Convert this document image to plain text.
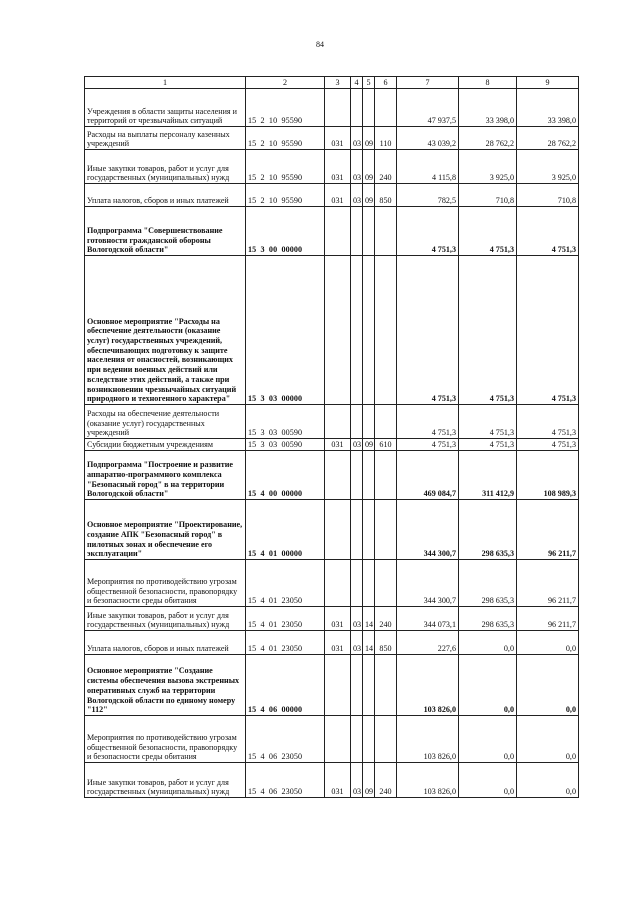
84
1	2	3	4	5	6	7	8	9
Учреждения в области защиты населения и территорий от чрезвычайных ситуаций	15  2  10  95590					47 937,5	33 398,0	33 398,0
Расходы на выплаты персоналу казенных учреждений	15  2  10  95590	031	03	09	110	43 039,2	28 762,2	28 762,2
Иные закупки товаров, работ и услуг для государственных (муниципальных) нужд	15  2  10  95590	031	03	09	240	4 115,8	3 925,0	3 925,0
Уплата налогов, сборов и иных платежей	15  2  10  95590	031	03	09	850	782,5	710,8	710,8
Подпрограмма "Совершенствование готовности гражданской обороны Вологодской области"	15  3  00  00000					4 751,3	4 751,3	4 751,3
Основное мероприятие "Расходы на обеспечение деятельности (оказание услуг) государственных учреждений, обеспечивающих подготовку к защите населения от опасностей, возникающих при ведении военных действий или вследствие этих действий, а также при возникновении чрезвычайных ситуаций природного и техногенного характера"	15  3  03  00000					4 751,3	4 751,3	4 751,3
Расходы на обеспечение деятельности (оказание услуг) государственных учреждений	15  3  03  00590					4 751,3	4 751,3	4 751,3
Субсидии бюджетным учреждениям	15  3  03  00590	031	03	09	610	4 751,3	4 751,3	4 751,3
Подпрограмма "Построение и развитие аппаратно-программного комплекса "Безопасный город" в на территории Вологодской области"	15  4  00  00000					469 084,7	311 412,9	108 989,3
Основное мероприятие "Проектирование, создание АПК "Безопасный город" в пилотных зонах и обеспечение его эксплуатации"	15  4  01  00000					344 300,7	298 635,3	96 211,7
Мероприятия по противодействию угрозам общественной безопасности, правопорядку и безопасности среды обитания	15  4  01  23050					344 300,7	298 635,3	96 211,7
Иные закупки товаров, работ и услуг для государственных (муниципальных) нужд	15  4  01  23050	031	03	14	240	344 073,1	298 635,3	96 211,7
Уплата налогов, сборов и иных платежей	15  4  01  23050	031	03	14	850	227,6	0,0	0,0
Основное мероприятие "Создание системы обеспечения вызова экстренных оперативных служб на территории Вологодской области по единому номеру "112"	15  4  06  00000					103 826,0	0,0	0,0
Мероприятия по противодействию угрозам общественной безопасности, правопорядку и безопасности среды обитания	15  4  06  23050					103 826,0	0,0	0,0
Иные закупки товаров, работ и услуг для государственных (муниципальных) нужд	15  4  06  23050	031	03	09	240	103 826,0	0,0	0,0
